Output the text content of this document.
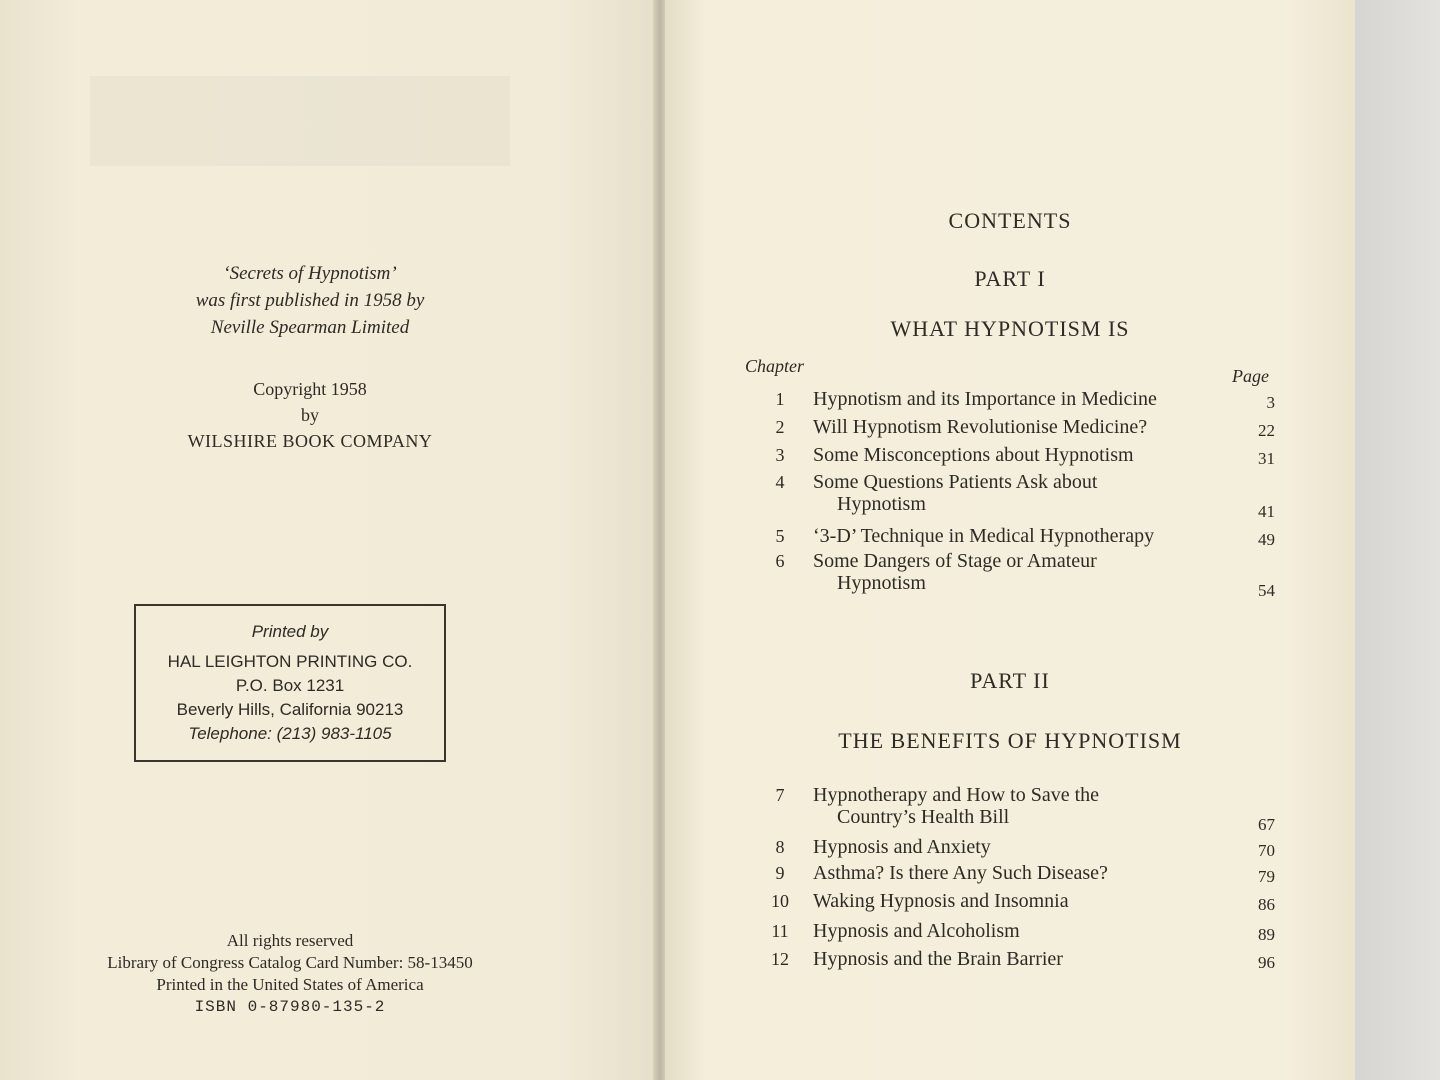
‘Secrets of Hypnotism’
was first published in 1958 by
Neville Spearman Limited
Copyright 1958
by
WILSHIRE BOOK COMPANY
Printed by
HAL LEIGHTON PRINTING CO.
P.O. Box 1231
Beverly Hills, California 90213
Telephone: (213) 983-1105
All rights reserved
Library of Congress Catalog Card Number: 58-13450
Printed in the United States of America
ISBN 0-87980-135-2
CONTENTS
PART I
WHAT HYPNOTISM IS
Chapter	Page
PART II
THE BENEFITS OF HYPNOTISM
1	Hypnotism and its Importance in Medicine	3
2	Will Hypnotism Revolutionise Medicine?	22
3	Some Misconceptions about Hypnotism	31
4	Some Questions Patients Ask about
Hypnotism	41
5	‘3-D’ Technique in Medical Hypnotherapy	49
6	Some Dangers of Stage or Amateur
Hypnotism	54
7	Hypnotherapy and How to Save the
Country’s Health Bill	67
8	Hypnosis and Anxiety	70
9	Asthma? Is there Any Such Disease?	79
10	Waking Hypnosis and Insomnia	86
11	Hypnosis and Alcoholism	89
12	Hypnosis and the Brain Barrier	96
